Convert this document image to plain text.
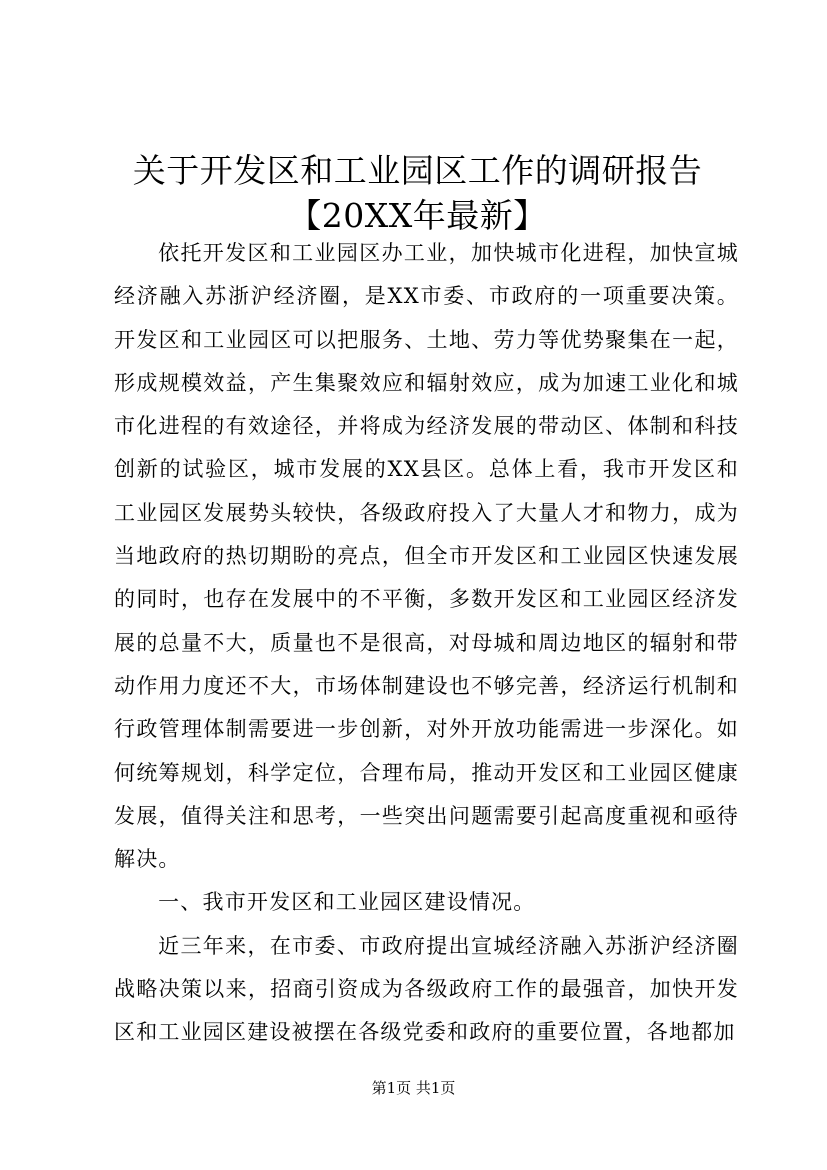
关于开发区和工业园区工作的调研报告【20XX年最新】

依托开发区和工业园区办工业，加快城市化进程，加快宣城经济融入苏浙沪经济圈，是XX市委、市政府的一项重要决策。开发区和工业园区可以把服务、土地、劳力等优势聚集在一起，形成规模效益，产生集聚效应和辐射效应，成为加速工业化和城市化进程的有效途径，并将成为经济发展的带动区、体制和科技创新的试验区，城市发展的XX县区。总体上看，我市开发区和工业园区发展势头较快，各级政府投入了大量人才和物力，成为当地政府的热切期盼的亮点，但全市开发区和工业园区快速发展的同时，也存在发展中的不平衡，多数开发区和工业园区经济发展的总量不大，质量也不是很高，对母城和周边地区的辐射和带动作用力度还不大，市场体制建设也不够完善，经济运行机制和行政管理体制需要进一步创新，对外开放功能需进一步深化。如何统筹规划，科学定位，合理布局，推动开发区和工业园区健康发展，值得关注和思考，一些突出问题需要引起高度重视和亟待解决。

一、我市开发区和工业园区建设情况。

近三年来，在市委、市政府提出宣城经济融入苏浙沪经济圈战略决策以来，招商引资成为各级政府工作的最强音，加快开发区和工业园区建设被摆在各级党委和政府的重要位置，各地都加

第1页 共1页
